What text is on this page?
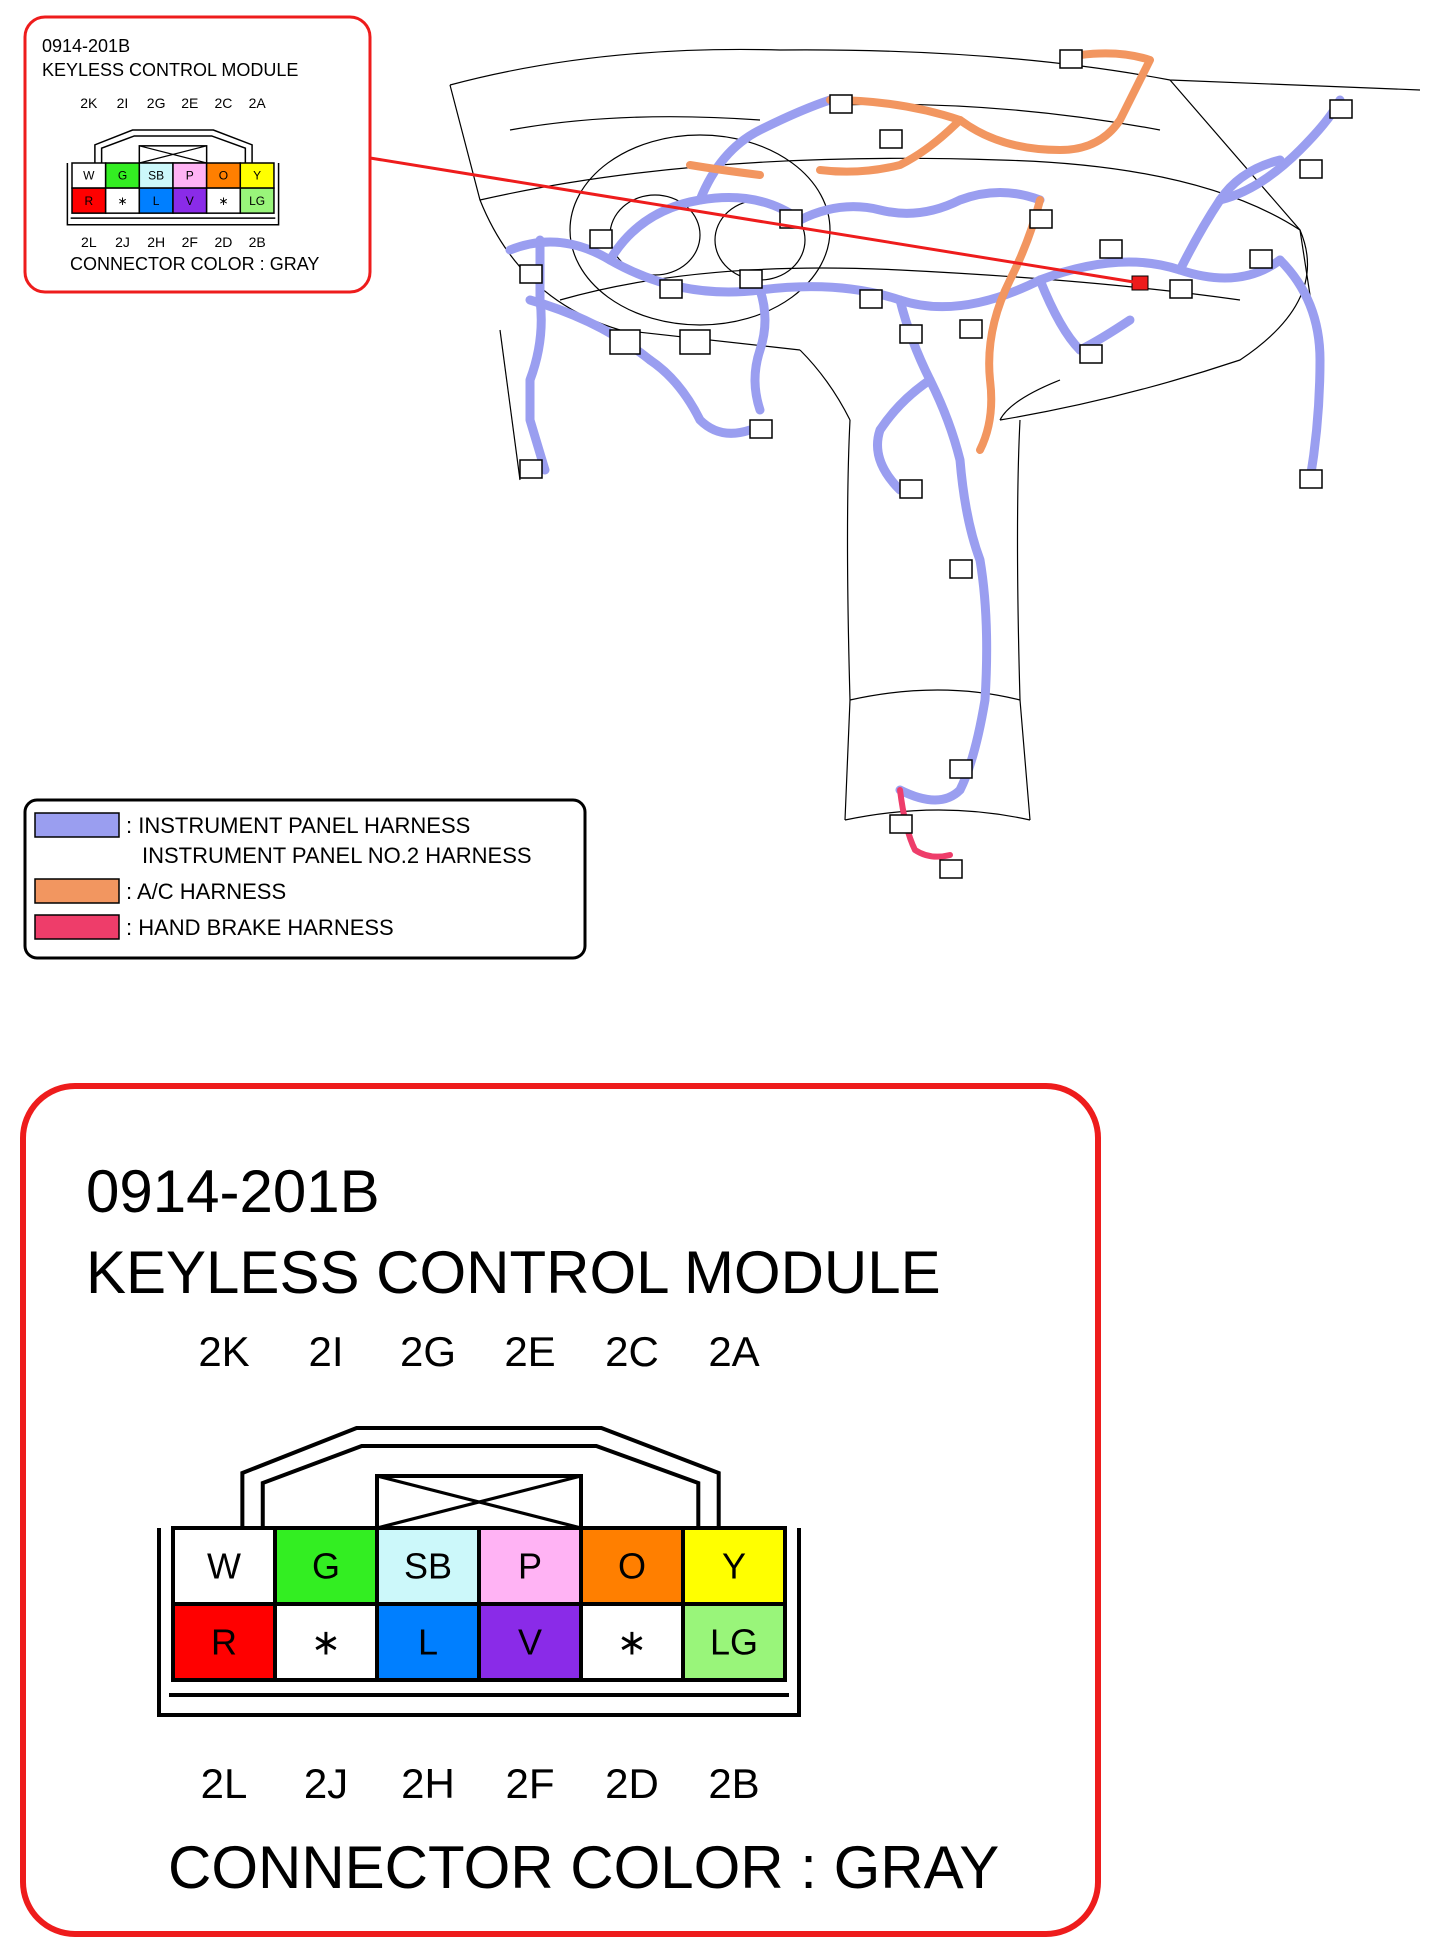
0914-201B
KEYLESS CONTROL MODULE
2K 2I 2G 2E 2C 2A
W G SB P O Y
R ∗ L V ∗ LG
2L 2J 2H 2F 2D 2B
CONNECTOR COLOR : GRAY
: INSTRUMENT PANEL HARNESS
INSTRUMENT PANEL NO.2 HARNESS
: A/C HARNESS
: HAND BRAKE HARNESS
0914-201B
KEYLESS CONTROL MODULE
2K 2I 2G 2E 2C 2A
W G SB P O Y
R ∗ L V ∗ LG
2L 2J 2H 2F 2D 2B
CONNECTOR COLOR : GRAY
